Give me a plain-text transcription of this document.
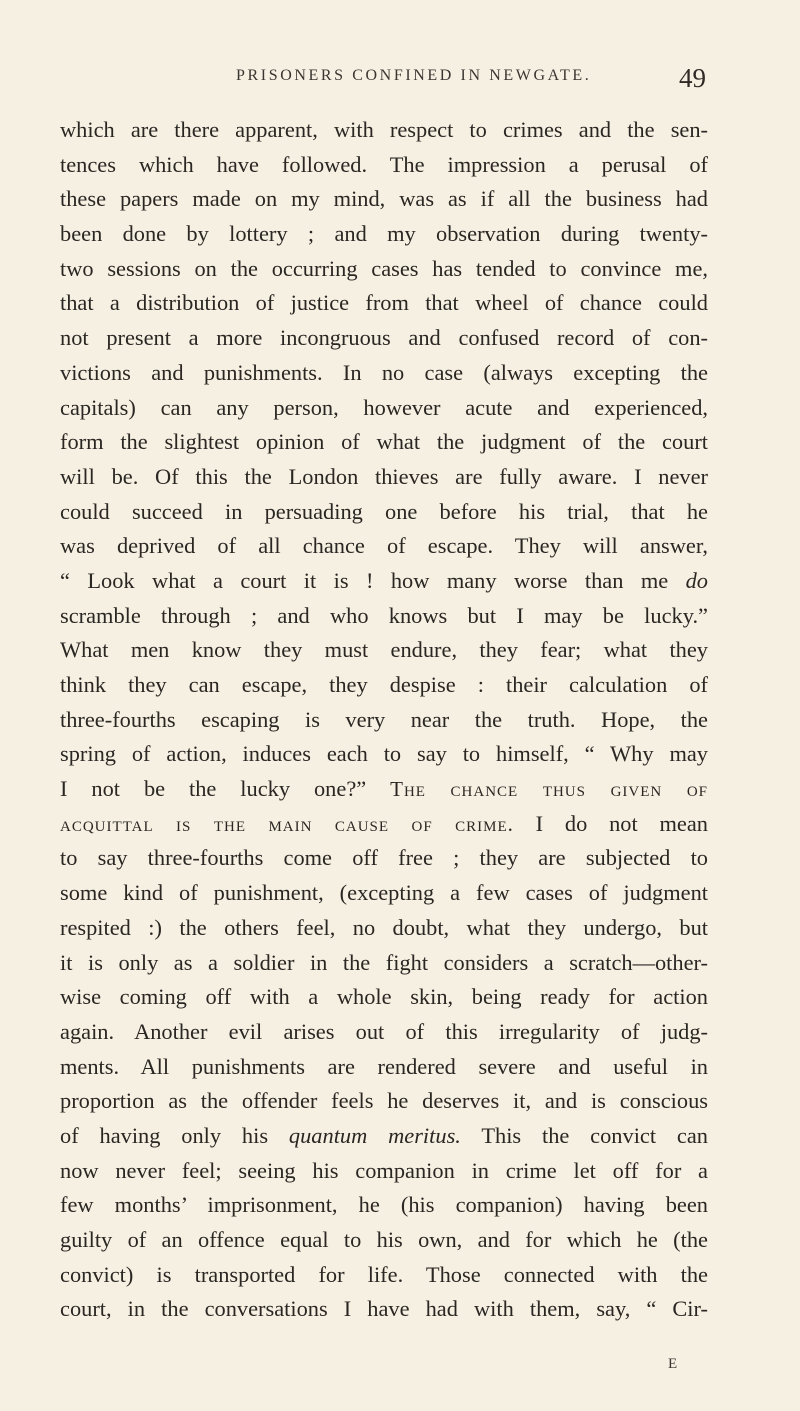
PRISONERS CONFINED IN NEWGATE.	49
which are there apparent, with respect to crimes and the sen-
tences which have followed. The impression a perusal of
these papers made on my mind, was as if all the business had
been done by lottery ; and my observation during twenty-
two sessions on the occurring cases has tended to convince me,
that a distribution of justice from that wheel of chance could
not present a more incongruous and confused record of con-
victions and punishments. In no case (always excepting the
capitals) can any person, however acute and experienced,
form the slightest opinion of what the judgment of the court
will be. Of this the London thieves are fully aware. I never
could succeed in persuading one before his trial, that he
was deprived of all chance of escape. They will answer,
“ Look what a court it is ! how many worse than me do
scramble through ; and who knows but I may be lucky.”
What men know they must endure, they fear; what they
think they can escape, they despise : their calculation of
three-fourths escaping is very near the truth. Hope, the
spring of action, induces each to say to himself, “ Why may
I not be the lucky one?” The chance thus given of
acquittal is the main cause of crime. I do not mean
to say three-fourths come off free ; they are subjected to
some kind of punishment, (excepting a few cases of judgment
respited :) the others feel, no doubt, what they undergo, but
it is only as a soldier in the fight considers a scratch—other-
wise coming off with a whole skin, being ready for action
again. Another evil arises out of this irregularity of judg-
ments. All punishments are rendered severe and useful in
proportion as the offender feels he deserves it, and is conscious
of having only his quantum meritus. This the convict can
now never feel; seeing his companion in crime let off for a
few months’ imprisonment, he (his companion) having been
guilty of an offence equal to his own, and for which he (the
convict) is transported for life. Those connected with the
court, in the conversations I have had with them, say, “ Cir-
E
